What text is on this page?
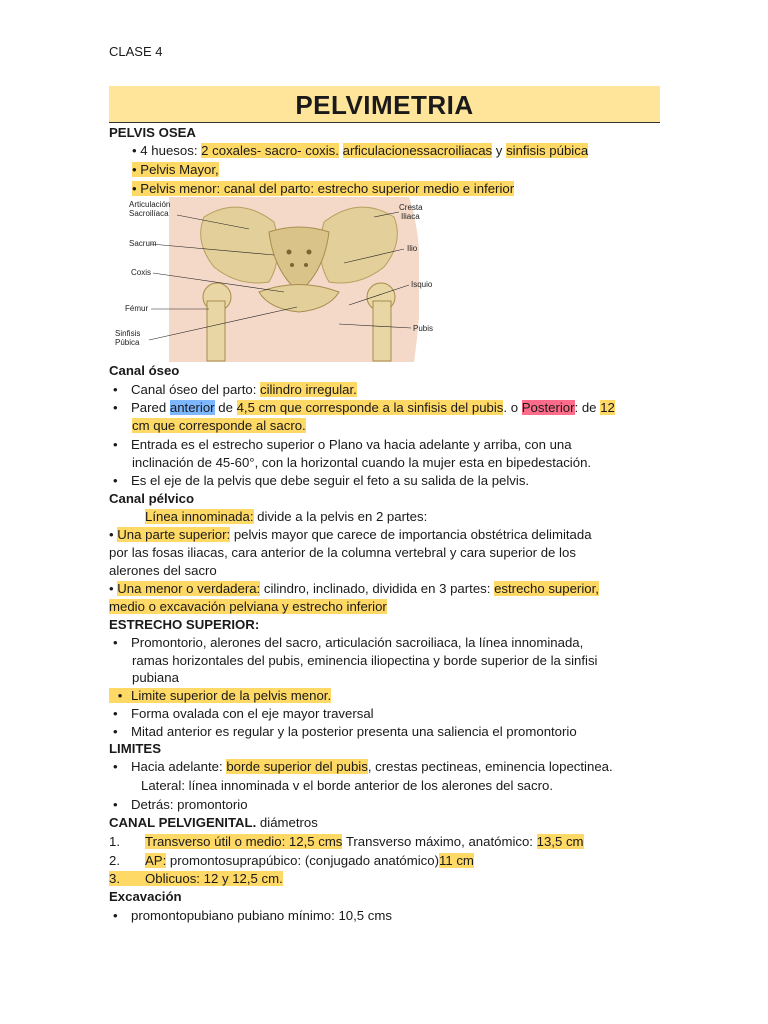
CLASE 4
PELVIMETRIA
PELVIS OSEA
• 4 huesos: 2 coxales- sacro- coxis. arficulacionessacroiliacas y sinfisis púbica
• Pelvis Mayor,
• Pelvis menor: canal del parto: estrecho superior medio e inferior
Articulación
Sacroilíaca
Sacrum
Coxis
Fémur
Sinfisis
Púbica
Cresta
Iliaca
Ilio
Isquio
Pubis
Canal óseo
• Canal óseo del parto: cilindro irregular.
• Pared anterior de 4,5 cm que corresponde a la sinfisis del pubis. o Posterior: de 12
cm que corresponde al sacro.
• Entrada es el estrecho superior o Plano va hacia adelante y arriba, con una
inclinación de 45-60°, con la horizontal cuando la mujer esta en bipedestación.
• Es el eje de la pelvis que debe seguir el feto a su salida de la pelvis.
Canal pélvico
Línea innominada: divide a la pelvis en 2 partes:
• Una parte superior: pelvis mayor que carece de importancia obstétrica delimitada
por las fosas iliacas, cara anterior de la columna vertebral y cara superior de los
alerones del sacro
• Una menor o verdadera: cilindro, inclinado, dividida en 3 partes: estrecho superior,
medio o excavación pelviana y estrecho inferior
ESTRECHO SUPERIOR:
• Promontorio, alerones del sacro, articulación sacroiliaca, la línea innominada,
ramas horizontales del pubis, eminencia iliopectina y borde superior de la sinfisi
pubiana
• Limite superior de la pelvis menor.
• Forma ovalada con el eje mayor traversal
• Mitad anterior es regular y la posterior presenta una saliencia el promontorio
LIMITES
• Hacia adelante: borde superior del pubis, crestas pectineas, eminencia lopectinea.
Lateral: línea innominada v el borde anterior de los alerones del sacro.
• Detrás: promontorio
CANAL PELVIGENITAL. diámetros
1. Transverso útil o medio: 12,5 cms Transverso máximo, anatómico: 13,5 cm
2. AP: promontosuprapúbico: (conjugado anatómico)11 cm
3. Oblicuos: 12 y 12,5 cm.
Excavación
• promontopubiano pubiano mínimo: 10,5 cms
